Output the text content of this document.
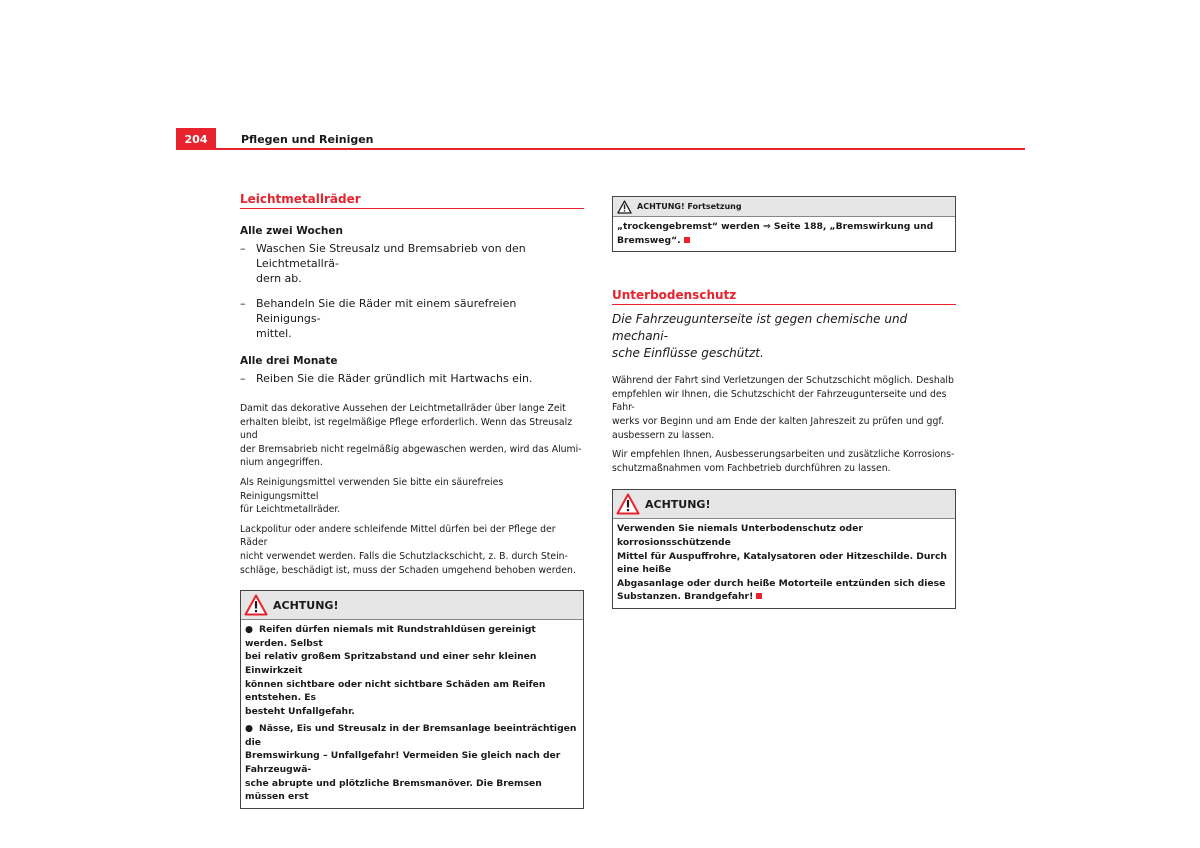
204	Pflegen und Reinigen
Leichtmetallräder

Alle zwei Wochen

– Waschen Sie Streusalz und Bremsabrieb von den Leichtmetallrä-
dern ab.
– Behandeln Sie die Räder mit einem säurefreien Reinigungs-
mittel.

Alle drei Monate

– Reiben Sie die Räder gründlich mit Hartwachs ein.

Damit das dekorative Aussehen der Leichtmetallräder über lange Zeit
erhalten bleibt, ist regelmäßige Pflege erforderlich. Wenn das Streusalz und
der Bremsabrieb nicht regelmäßig abgewaschen werden, wird das Alumi-
nium angegriffen.

Als Reinigungsmittel verwenden Sie bitte ein säurefreies Reinigungsmittel
für Leichtmetallräder.

Lackpolitur oder andere schleifende Mittel dürfen bei der Pflege der Räder
nicht verwendet werden. Falls die Schutzlackschicht, z. B. durch Stein-
schläge, beschädigt ist, muss der Schaden umgehend behoben werden.

ACHTUNG!

● Reifen dürfen niemals mit Rundstrahldüsen gereinigt werden. Selbst
bei relativ großem Spritzabstand und einer sehr kleinen Einwirkzeit
können sichtbare oder nicht sichtbare Schäden am Reifen entstehen. Es
besteht Unfallgefahr.

● Nässe, Eis und Streusalz in der Bremsanlage beeinträchtigen die
Bremswirkung – Unfallgefahr! Vermeiden Sie gleich nach der Fahrzeugwä-
sche abrupte und plötzliche Bremsmanöver. Die Bremsen müssen erst

ACHTUNG! Fortsetzung

„trockengebremst“ werden ⇒ Seite 188, „Bremswirkung und
Bremsweg“.

Unterbodenschutz

Die Fahrzeugunterseite ist gegen chemische und mechani-
sche Einflüsse geschützt.

Während der Fahrt sind Verletzungen der Schutzschicht möglich. Deshalb
empfehlen wir Ihnen, die Schutzschicht der Fahrzeugunterseite und des Fahr-
werks vor Beginn und am Ende der kalten Jahreszeit zu prüfen und ggf.
ausbessern zu lassen.

Wir empfehlen Ihnen, Ausbesserungsarbeiten und zusätzliche Korrosions-
schutzmaßnahmen vom Fachbetrieb durchführen zu lassen.

ACHTUNG!

Verwenden Sie niemals Unterbodenschutz oder korrosionsschützende
Mittel für Auspuffrohre, Katalysatoren oder Hitzeschilde. Durch eine heiße
Abgasanlage oder durch heiße Motorteile entzünden sich diese
Substanzen. Brandgefahr!
